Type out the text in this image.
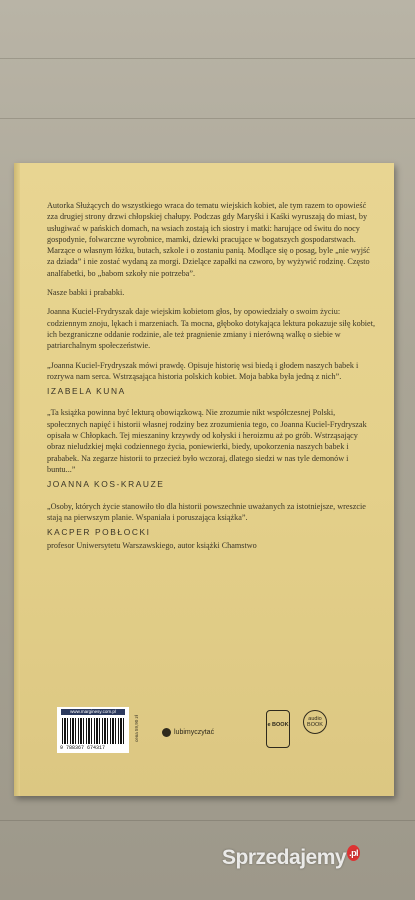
Autorka Służących do wszystkiego wraca do tematu wiejskich kobiet, ale tym razem to opowieść zza drugiej strony drzwi chłopskiej chałupy. Podczas gdy Maryśki i Kaśki wyruszają do miast, by usługiwać w pańskich domach, na wsiach zostają ich siostry i matki: harujące od świtu do nocy gospodynie, folwarczne wyrobnice, mamki, dziewki pracujące w bogatszych gospodarstwach. Marzące o własnym łóżku, butach, szkole i o zostaniu panią. Modlące się o posag, byle „nie wyjść za dziada” i nie zostać wydaną za morgi. Dzielące zapałki na czworo, by wyżywić rodzinę. Często analfabetki, bo „babom szkoły nie potrzeba”.

Nasze babki i prababki.

Joanna Kuciel-Frydryszak daje wiejskim kobietom głos, by opowiedziały o swoim życiu: codziennym znoju, lękach i marzeniach. Ta mocna, głęboko dotykająca lektura pokazuje siłę kobiet, ich bezgraniczne oddanie rodzinie, ale też pragnienie zmiany i nierówną walkę o siebie w patriarchalnym społeczeństwie.

„Joanna Kuciel-Frydryszak mówi prawdę. Opisuje historię wsi biedą i głodem naszych babek i rozrywa nam serca. Wstrząsająca historia polskich kobiet. Moja babka była jedną z nich”.
IZABELA KUNA
„Ta książka powinna być lekturą obowiązkową. Nie zrozumie nikt współczesnej Polski, społecznych napięć i historii własnej rodziny bez zrozumienia tego, co Joanna Kuciel-Frydryszak opisała w Chłopkach. Tej mieszaniny krzywdy od kołyski i heroizmu aż po grób. Wstrząsający obraz nieludzkiej męki codziennego życia, poniewierki, biedy, upokorzenia naszych babek i prababek. Na zegarze historii to przecież było wczoraj, dlatego siedzi w nas tyle demonów i buntu...”
JOANNA KOS-KRAUZE
„Osoby, których życie stanowiło tło dla historii powszechnie uważanych za istotniejsze, wreszcie stają na pierwszym planie. Wspaniała i poruszająca książka”.
KACPER POBŁOCKI
profesor Uniwersytetu Warszawskiego, autor książki Chamstwo
www.marginesy.com.pl
9 788367 674317
cena 59,90 zł	lubimyczytać
e BOOK
audio
BOOK
Sprzedajemy $^{.pl}$
